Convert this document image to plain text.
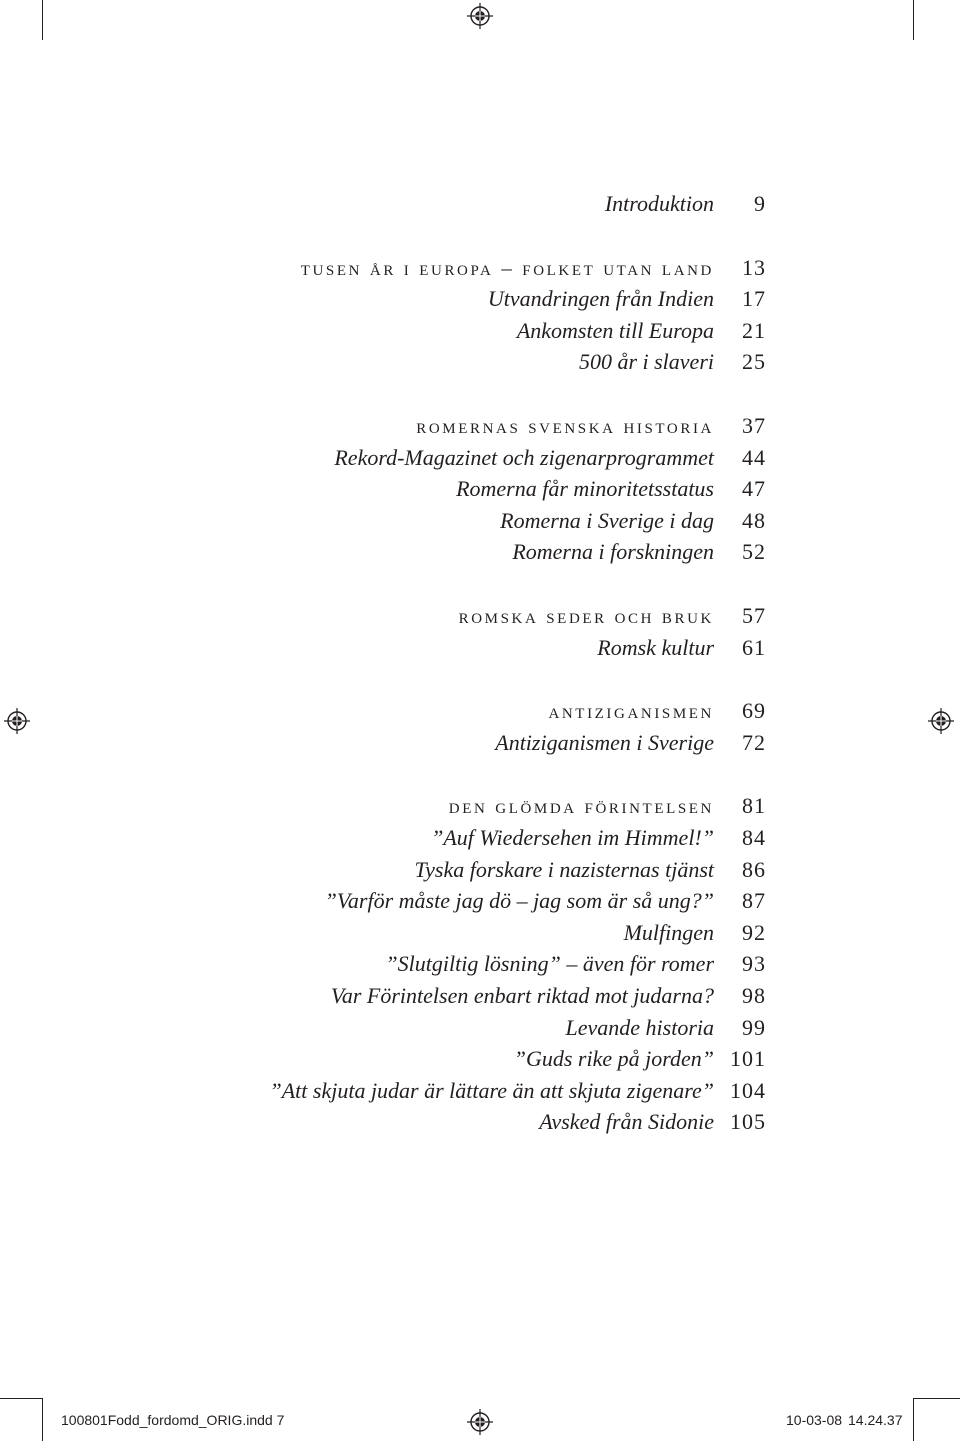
Introduktion	9
tusen år i europa – folket utan land	13
Utvandringen från Indien	17
Ankomsten till Europa	21
500 år i slaveri	25
romernas svenska historia	37
Rekord-Magazinet och zigenarprogrammet	44
Romerna får minoritetsstatus	47
Romerna i Sverige i dag	48
Romerna i forskningen	52
romska seder och bruk	57
Romsk kultur	61
antiziganismen	69
Antiziganismen i Sverige	72
den glömda förintelsen	81
”Auf Wiedersehen im Himmel!”	84
Tyska forskare i nazisternas tjänst	86
”Varför måste jag dö – jag som är så ung?”	87
Mulfingen	92
”Slutgiltig lösning” – även för romer	93
Var Förintelsen enbart riktad mot judarna?	98
Levande historia	99
”Guds rike på jorden” 101
”Att skjuta judar är lättare än att skjuta zigenare” 104
Avsked från Sidonie 105
100801Fodd_fordomd_ORIG.indd 7	10-03-08 14.24.37
